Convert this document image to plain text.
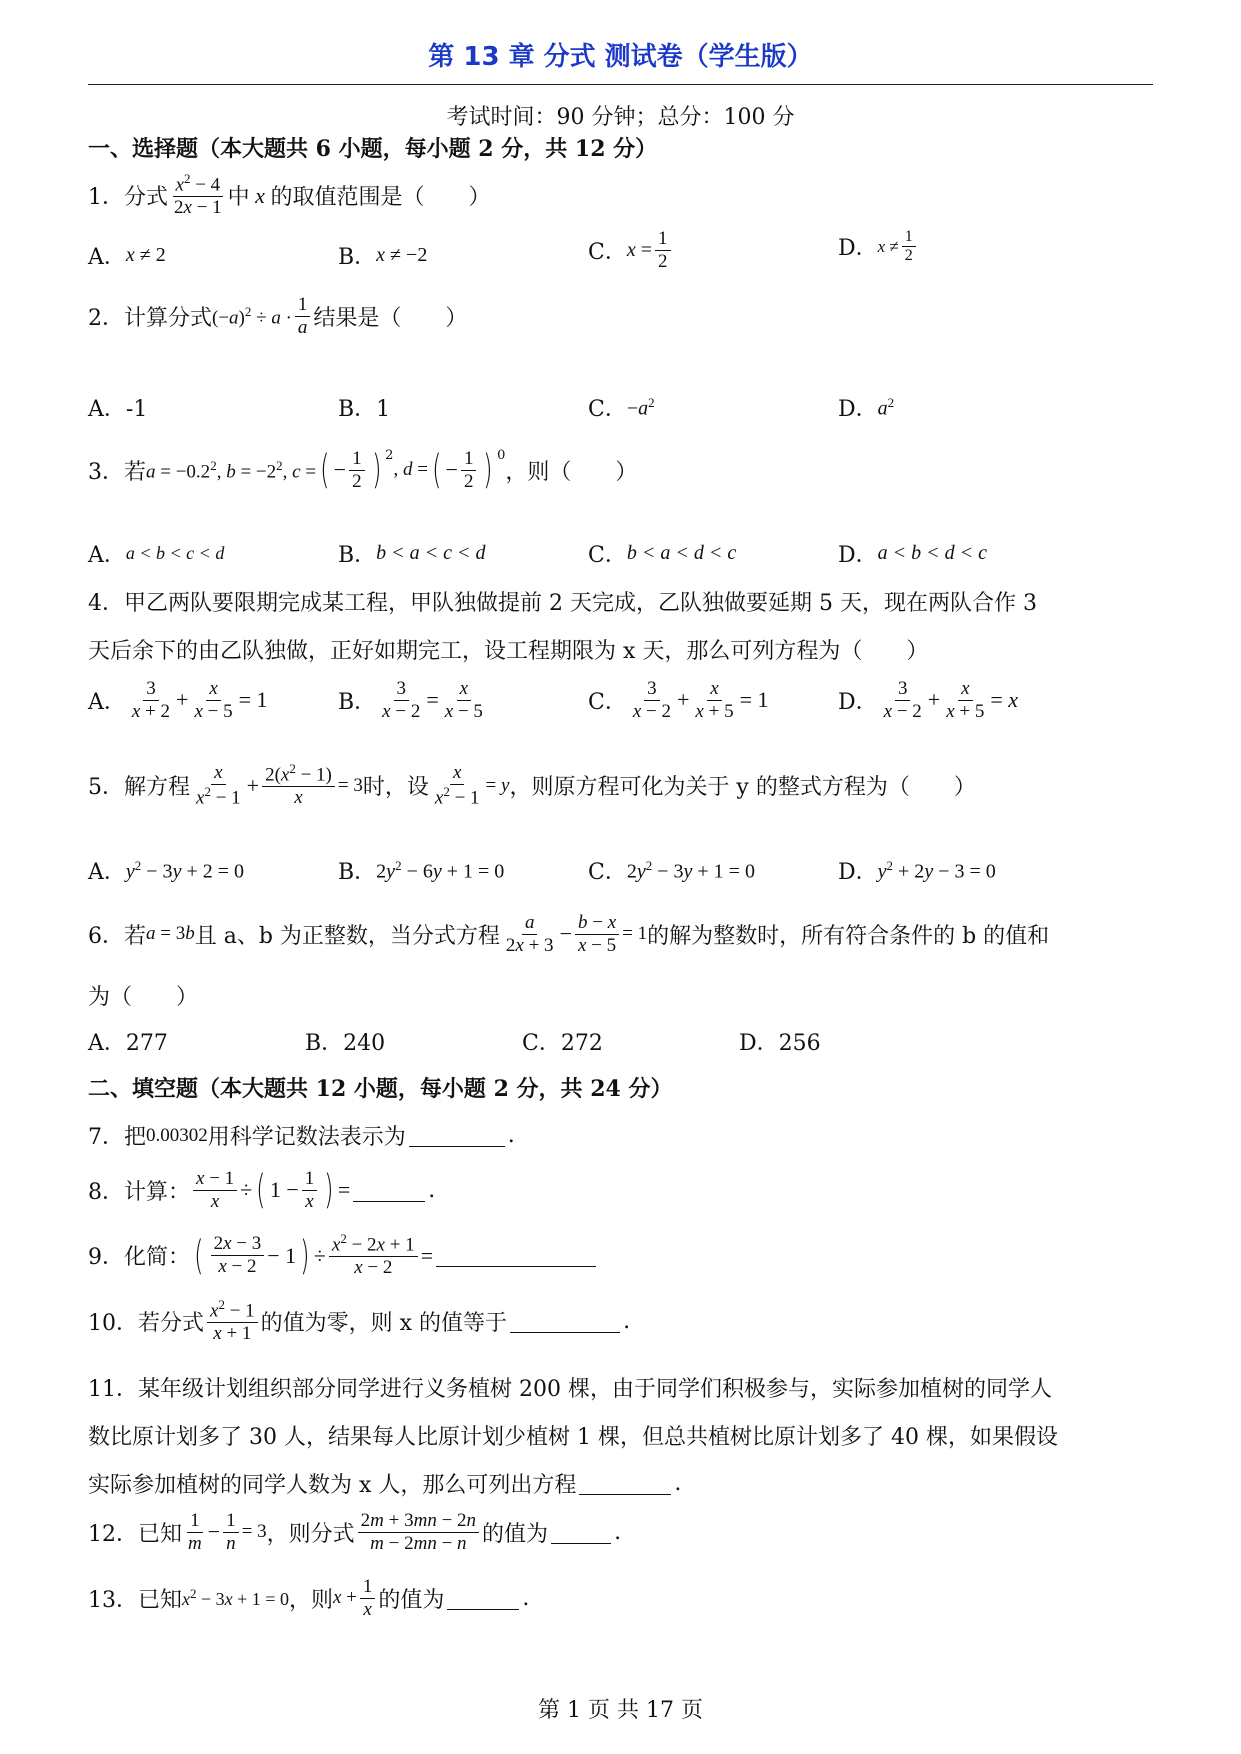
第 13 章 分式 测试卷（学生版）
考试时间：90 分钟；总分：100 分
一、选择题（本大题共 6 小题，每小题 2 分，共 12 分）
1．分式 $\frac{x^2 - 4}{2x - 1}$ 中 x 的取值范围是（　　）
A． x ≠ 2	B． x ≠ −2	C． $x = \frac{1}{2}$	D． $x \ne \frac{1}{2}$
2．计算分式 $(-a)^2 \div a \cdot \frac{1}{a}$ 结果是（　　）
A．-1	B．1	C． $-a^2$	D． $a^2$
3．若 $a = -0.2^2$, $b = -2^2$, c = ( − $\frac{1}{2}$ ) $^2$
, d = ( − $\frac{1}{2}$ ) $^0$
，则（　　）
A． a < b < c < d	B． b < a < c < d	C． b < a < d < c	D． a < b < d < c
4．甲乙两队要限期完成某工程，甲队独做提前 2 天完成，乙队独做要延期 5 天，现在两队合作 3
天后余下的由乙队独做，正好如期完工，设工程期限为 x 天，那么可列方程为（　　）
A． $\frac{3}{x + 2} + \frac{x}{x - 5} = 1$	B． $\frac{3}{x - 2} = \frac{x}{x - 5}$	C． $\frac{3}{x - 2} + \frac{x}{x + 5} = 1$	D． $\frac{3}{x - 2} + \frac{x}{x + 5} = x$
5．解方程 $\frac{x}{x^2 - 1} + \frac{2(x^2 - 1)}{x} = 3$ 时，设 $\frac{x}{x^2 - 1} = y$ ，则原方程可化为关于 y 的整式方程为（　　）
A． $y^2 - 3y + 2 = 0$	B． $2y^2 - 6y + 1 = 0$	C． $2y^2 - 3y + 1 = 0$	D． $y^2 + 2y - 3 = 0$
6．若 a = 3b 且 a、b 为正整数，当分式方程 $\frac{a}{2x + 3} - \frac{b - x}{x - 5} = 1$ 的解为整数时，所有符合条件的 b 的值和
为（　　）
A．277	B．240	C．272	D．256
二、填空题（本大题共 12 小题，每小题 2 分，共 24 分）
7．把 0.00302 用科学记数法表示为	.
8．计算： $\frac{x - 1}{x}$ ÷ ( $1 - \frac{1}{x}$ ) =	.
9．化简： ( $\frac{2x - 3}{x - 2} - 1$ ) ÷ $\frac{x^2 - 2x + 1}{x - 2}$ =
10．若分式 $\frac{x^2 - 1}{x + 1}$ 的值为零，则 x 的值等于	.
11．某年级计划组织部分同学进行义务植树 200 棵，由于同学们积极参与，实际参加植树的同学人
数比原计划多了 30 人，结果每人比原计划少植树 1 棵，但总共植树比原计划多了 40 棵，如果假设
实际参加植树的同学人数为 x 人，那么可列出方程	.
12．已知 $\frac{1}{m} - \frac{1}{n} = 3$ ，则分式 $\frac{2m + 3mn - 2n}{m - 2mn - n}$ 的值为	.
13．已知 $x^2 - 3x + 1 = 0$ ，则 $x + \frac{1}{x}$ 的值为	.
第 1 页 共 17 页
